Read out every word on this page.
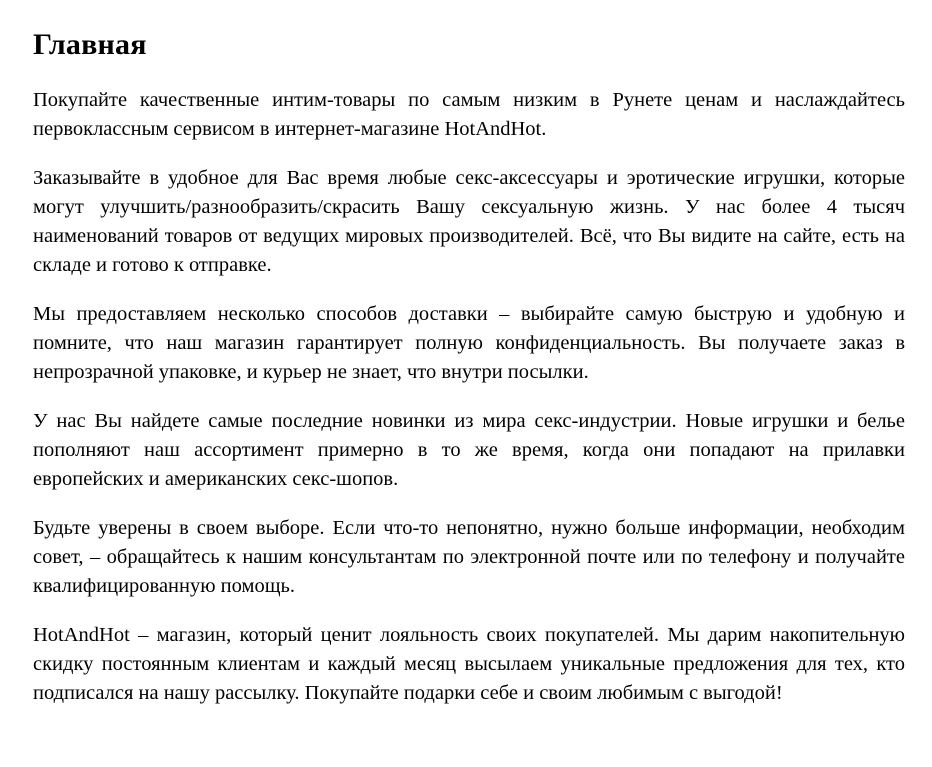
Главная

Покупайте качественные интим-товары по самым низким в Рунете ценам и наслаждайтесь первоклассным сервисом в интернет-магазине HotAndHot.

Заказывайте в удобное для Вас время любые секс-аксессуары и эротические игрушки, которые могут улучшить/разнообразить/скрасить Вашу сексуальную жизнь. У нас более 4 тысяч наименований товаров от ведущих мировых производителей. Всё, что Вы видите на сайте, есть на складе и готово к отправке.

Мы предоставляем несколько способов доставки – выбирайте самую быструю и удобную и помните, что наш магазин гарантирует полную конфиденциальность. Вы получаете заказ в непрозрачной упаковке, и курьер не знает, что внутри посылки.

У нас Вы найдете самые последние новинки из мира секс-индустрии. Новые игрушки и белье пополняют наш ассортимент примерно в то же время, когда они попадают на прилавки европейских и американских секс-шопов.

Будьте уверены в своем выборе. Если что-то непонятно, нужно больше информации, необходим совет, – обращайтесь к нашим консультантам по электронной почте или по телефону и получайте квалифицированную помощь.

HotAndHot – магазин, который ценит лояльность своих покупателей. Мы дарим накопительную скидку постоянным клиентам и каждый месяц высылаем уникальные предложения для тех, кто подписался на нашу рассылку. Покупайте подарки себе и своим любимым с выгодой!
